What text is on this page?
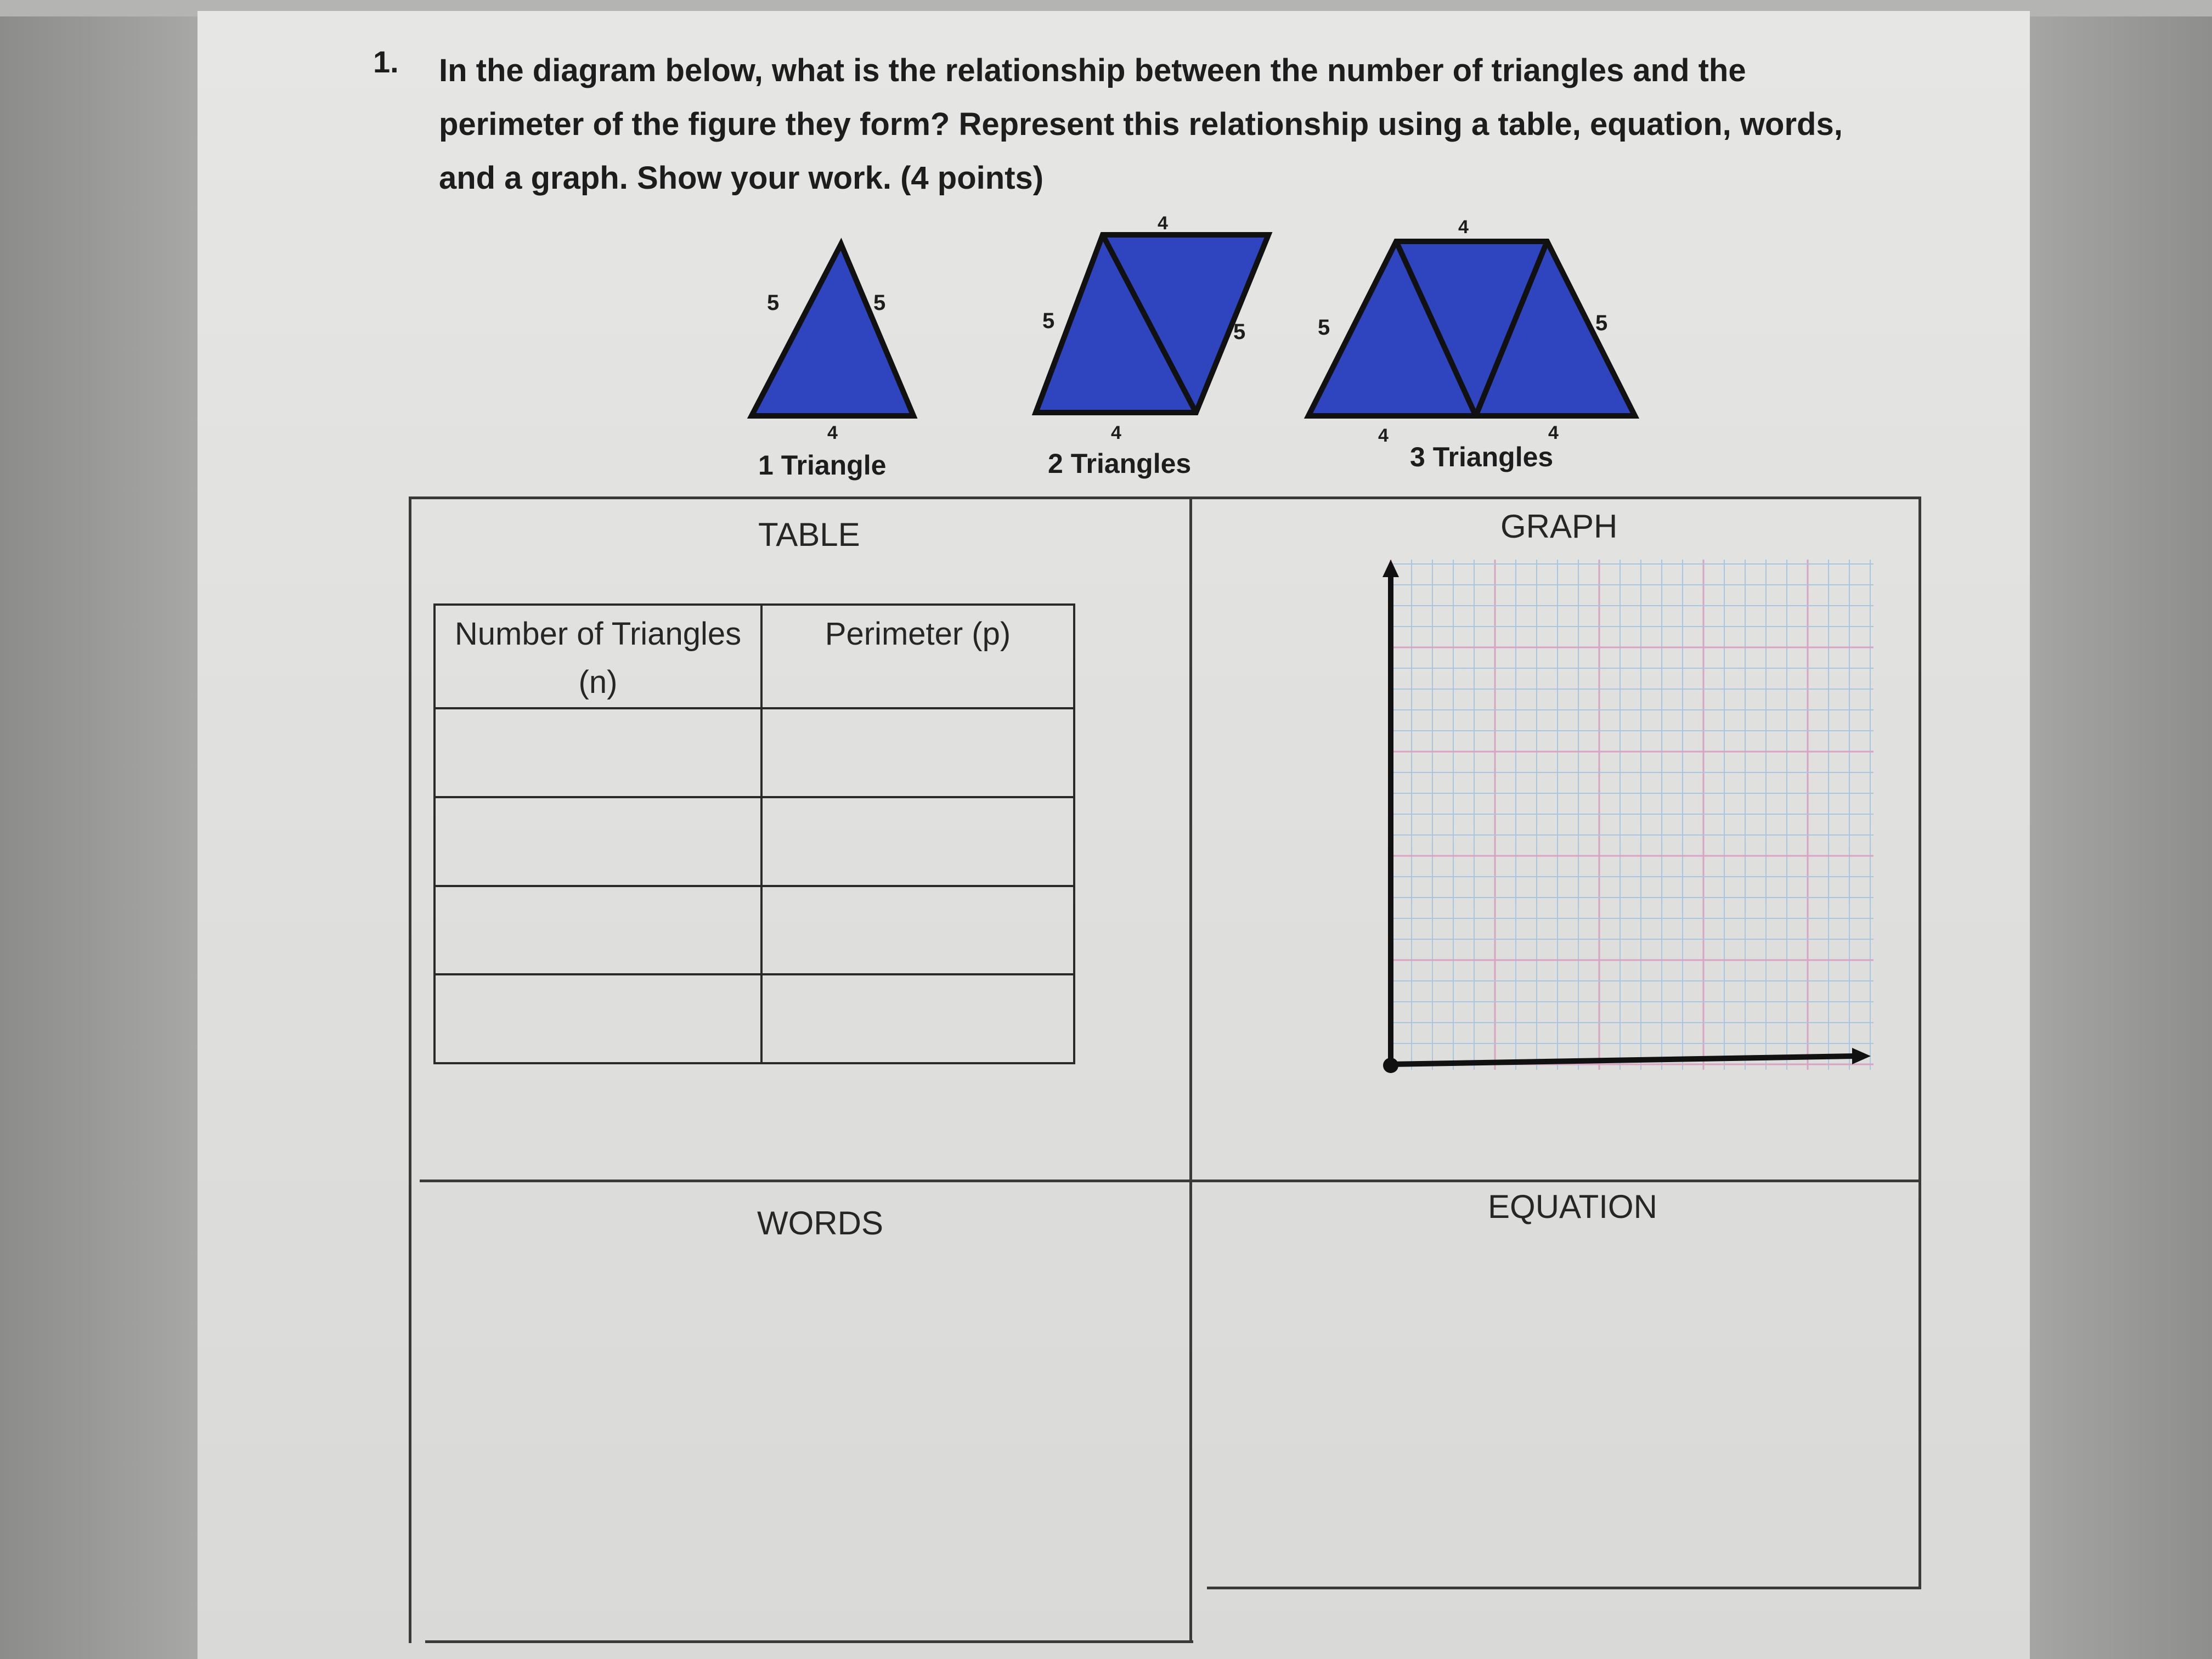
1. In the diagram below, what is the relationship between the number of triangles and the perimeter of the figure they form? Represent this relationship using a table, equation, words, and a graph. Show your work. (4 points)
5	5
4
1 Triangle
4
5	5
4
2 Triangles
4
5	5
4	4
3 Triangles
TABLE	GRAPH
WORDS	EQUATION
Number of Triangles (n)	Perimeter (p)
